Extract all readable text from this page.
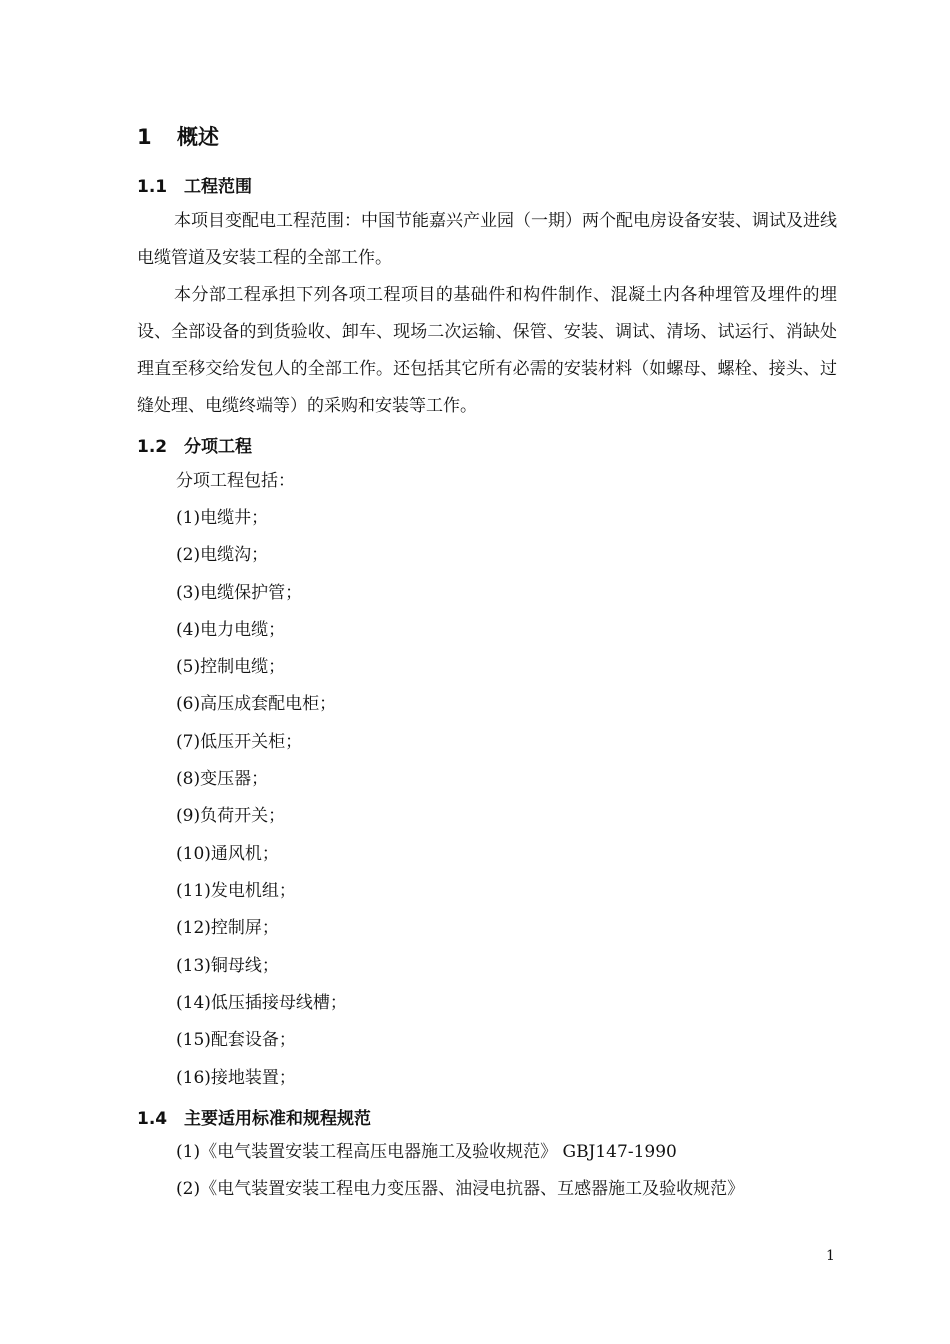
1 概述
1.1 工程范围
本项目变配电工程范围：中国节能嘉兴产业园（一期）两个配电房设备安装、调试及进线电缆管道及安装工程的全部工作。
本分部工程承担下列各项工程项目的基础件和构件制作、混凝土内各种埋管及埋件的埋设、全部设备的到货验收、卸车、现场二次运输、保管、安装、调试、清场、试运行、消缺处理直至移交给发包人的全部工作。还包括其它所有必需的安装材料（如螺母、螺栓、接头、过缝处理、电缆终端等）的采购和安装等工作。
1.2 分项工程
分项工程包括：
(1)电缆井；
(2)电缆沟；
(3)电缆保护管；
(4)电力电缆；
(5)控制电缆；
(6)高压成套配电柜；
(7)低压开关柜；
(8)变压器；
(9)负荷开关；
(10)通风机；
(11)发电机组；
(12)控制屏；
(13)铜母线；
(14)低压插接母线槽；
(15)配套设备；
(16)接地装置；
1.4 主要适用标准和规程规范
(1)《电气装置安装工程高压电器施工及验收规范》 GBJ147-1990
(2)《电气装置安装工程电力变压器、油浸电抗器、互感器施工及验收规范》
1
